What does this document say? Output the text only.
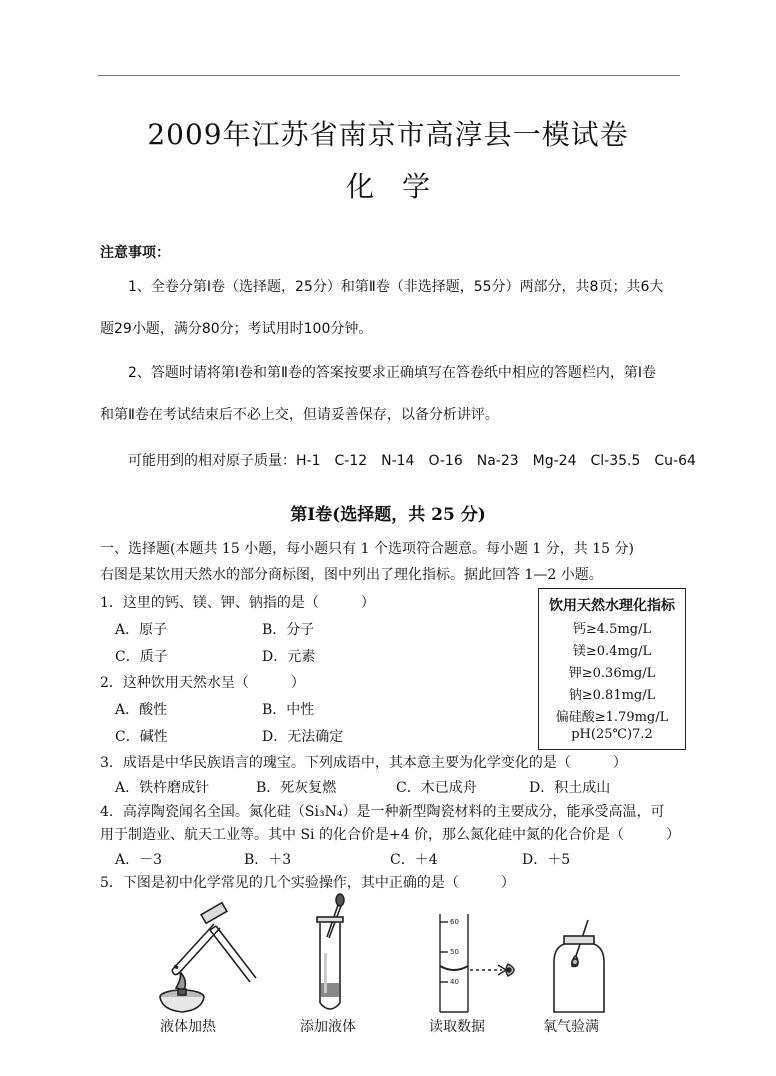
2009年江苏省南京市高淳县一模试卷
化　学
注意事项：
1、全卷分第Ⅰ卷（选择题，25分）和第Ⅱ卷（非选择题，55分）两部分，共8页；共6大
题29小题，满分80分；考试用时100分钟。
2、答题时请将第Ⅰ卷和第Ⅱ卷的答案按要求正确填写在答卷纸中相应的答题栏内，第Ⅰ卷
和第Ⅱ卷在考试结束后不必上交，但请妥善保存，以备分析讲评。
可能用到的相对原子质量：H-1　C-12　N-14　O-16　Na-23　Mg-24　Cl-35.5　Cu-64
第Ⅰ卷(选择题，共 25 分)
一、选择题(本题共 15 小题，每小题只有 1 个选项符合题意。每小题 1 分，共 15 分)
右图是某饮用天然水的部分商标图，图中列出了理化指标。据此回答 1—2 小题。
饮用天然水理化指标
钙≥4.5mg/L
镁≥0.4mg/L
钾≥0.36mg/L
钠≥0.81mg/L
偏硅酸≥1.79mg/L
pH(25℃)7.2
1．这里的钙、镁、钾、钠指的是（　　　）
A．原子	B．分子
C．质子	D．元素
2．这种饮用天然水呈（　　　）
A．酸性	B．中性
C．碱性	D．无法确定
3．成语是中华民族语言的瑰宝。下列成语中，其本意主要为化学变化的是（　　　）
A．铁杵磨成针	B．死灰复燃	C．木已成舟	D．积土成山
4．高淳陶瓷闻名全国。氮化硅（Si₃N₄）是一种新型陶瓷材料的主要成分，能承受高温，可
用于制造业、航天工业等。其中 Si 的化合价是+4 价，那么氮化硅中氮的化合价是（　　　）
A．－3	B．＋3	C．＋4	D．＋5
5．下图是初中化学常见的几个实验操作，其中正确的是（　　　）
液体加热	添加液体
60
50
40
读取数据	氧气验满
